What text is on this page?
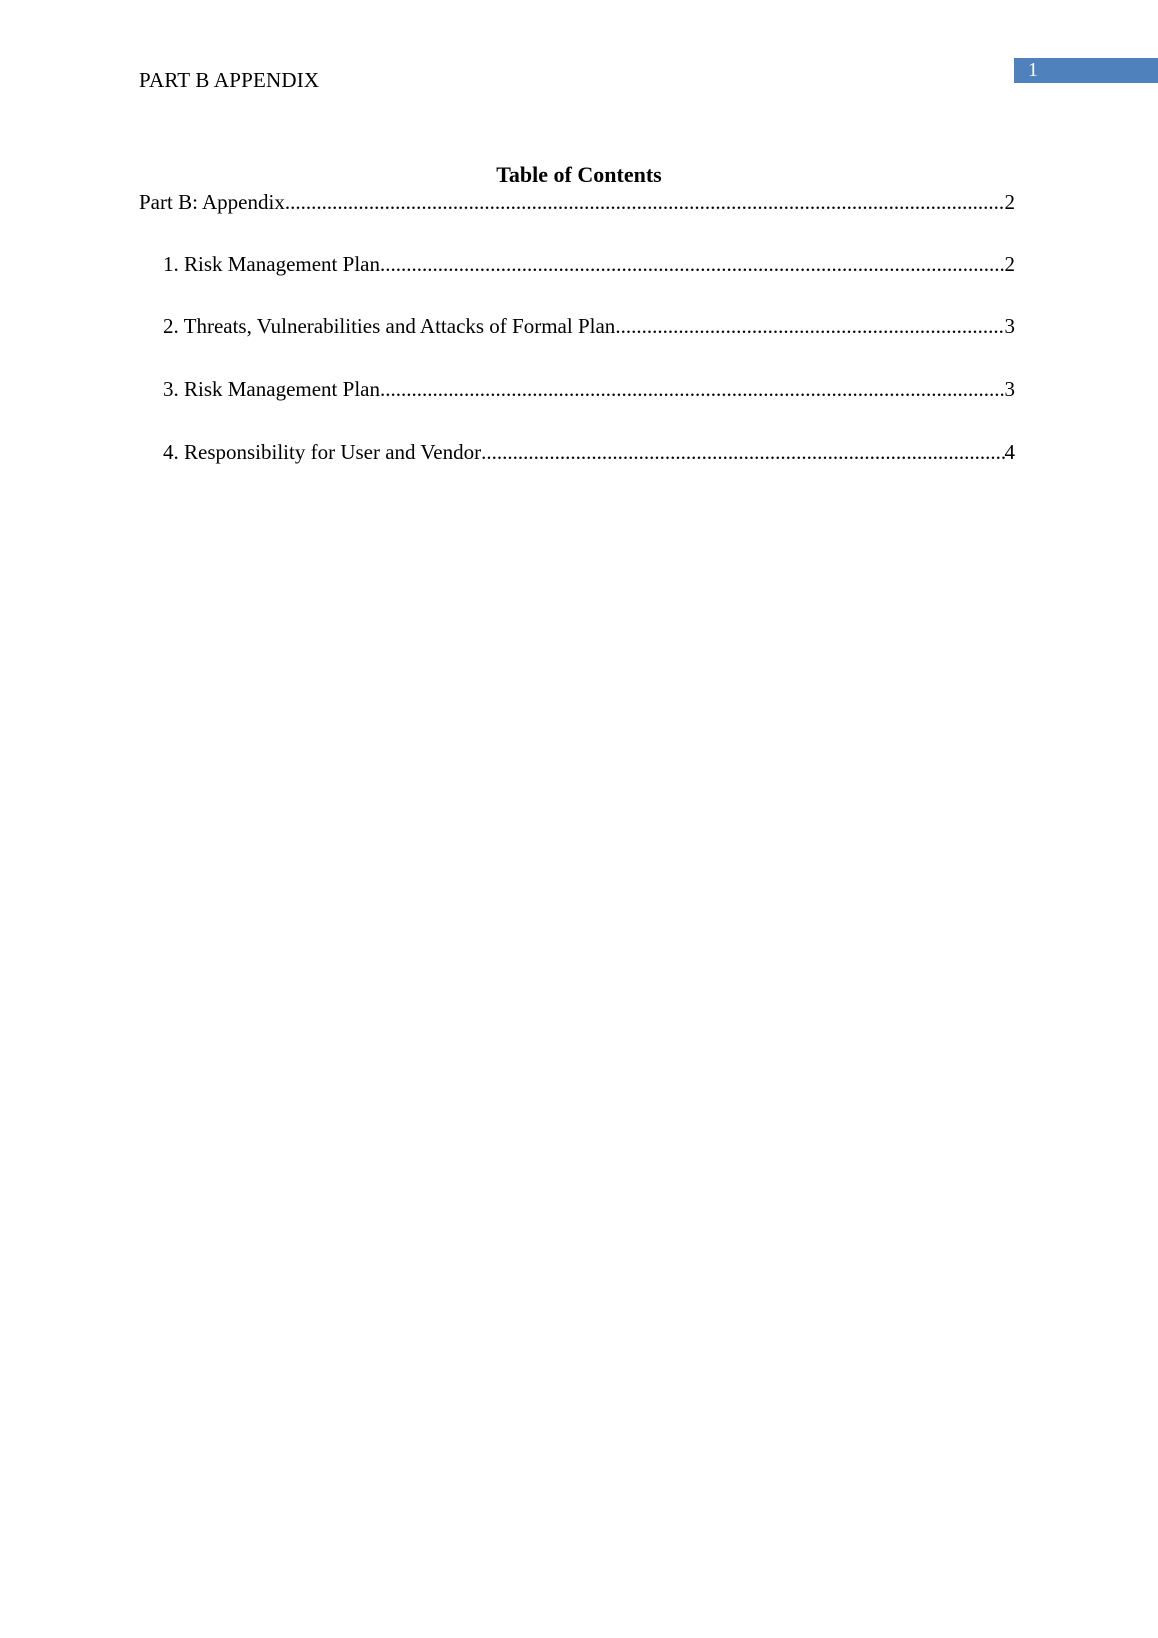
PART B APPENDIX	1
Table of Contents
Part B: Appendix .....	2
1. Risk Management Plan .....	2
2. Threats, Vulnerabilities and Attacks of Formal Plan .....	3
3. Risk Management Plan .....	3
4. Responsibility for User and Vendor .....	4
